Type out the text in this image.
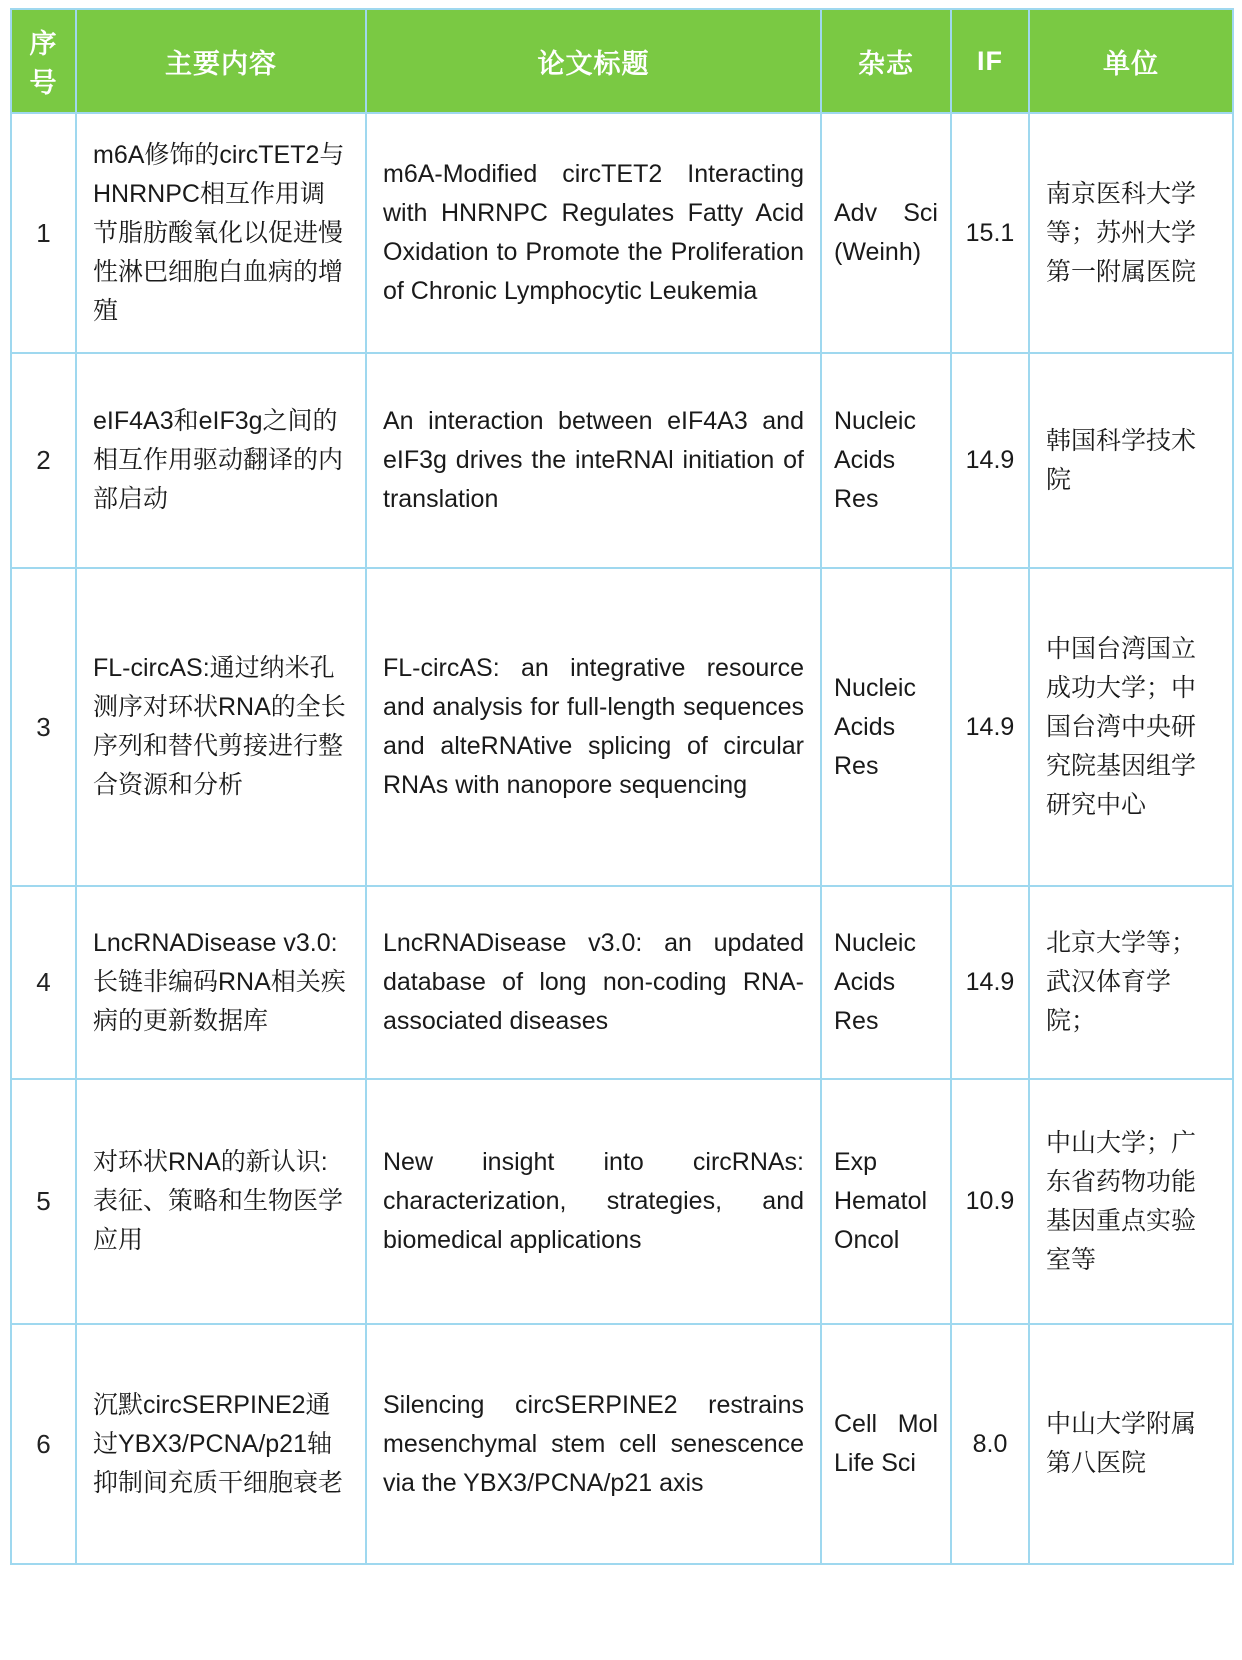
序号	主要内容	论文标题	杂志	IF	单位
1	m6A修饰的circTET2与HNRNPC相互作用调节脂肪酸氧化以促进慢性淋巴细胞白血病的增殖	m6A-Modified circTET2 Interacting with HNRNPC Regulates Fatty Acid Oxidation to Promote the Proliferation of Chronic Lymphocytic Leukemia	Adv Sci (Weinh)	15.1	南京医科大学等；苏州大学第一附属医院
2	eIF4A3和eIF3g之间的相互作用驱动翻译的内部启动	An interaction between eIF4A3 and eIF3g drives the inteRNAl initiation of translation	Nucleic Acids Res	14.9	韩国科学技术院
3	FL-circAS:通过纳米孔测序对环状RNA的全长序列和替代剪接进行整合资源和分析	FL-circAS: an integrative resource and analysis for full-length sequences and alteRNAtive splicing of circular RNAs with nanopore sequencing	Nucleic Acids Res	14.9	中国台湾国立成功大学；中国台湾中央研究院基因组学研究中心
4	LncRNADisease v3.0:长链非编码RNA相关疾病的更新数据库	LncRNADisease v3.0: an updated database of long non-coding RNA-associated diseases	Nucleic Acids Res	14.9	北京大学等；武汉体育学院；
5	对环状RNA的新认识:表征、策略和生物医学应用	New insight into circRNAs: characterization, strategies, and biomedical applications	Exp Hematol Oncol	10.9	中山大学；广东省药物功能基因重点实验室等
6	沉默circSERPINE2通过YBX3/PCNA/p21轴抑制间充质干细胞衰老	Silencing circSERPINE2 restrains mesenchymal stem cell senescence via the YBX3/PCNA/p21 axis	Cell Mol Life Sci	8.0	中山大学附属第八医院
